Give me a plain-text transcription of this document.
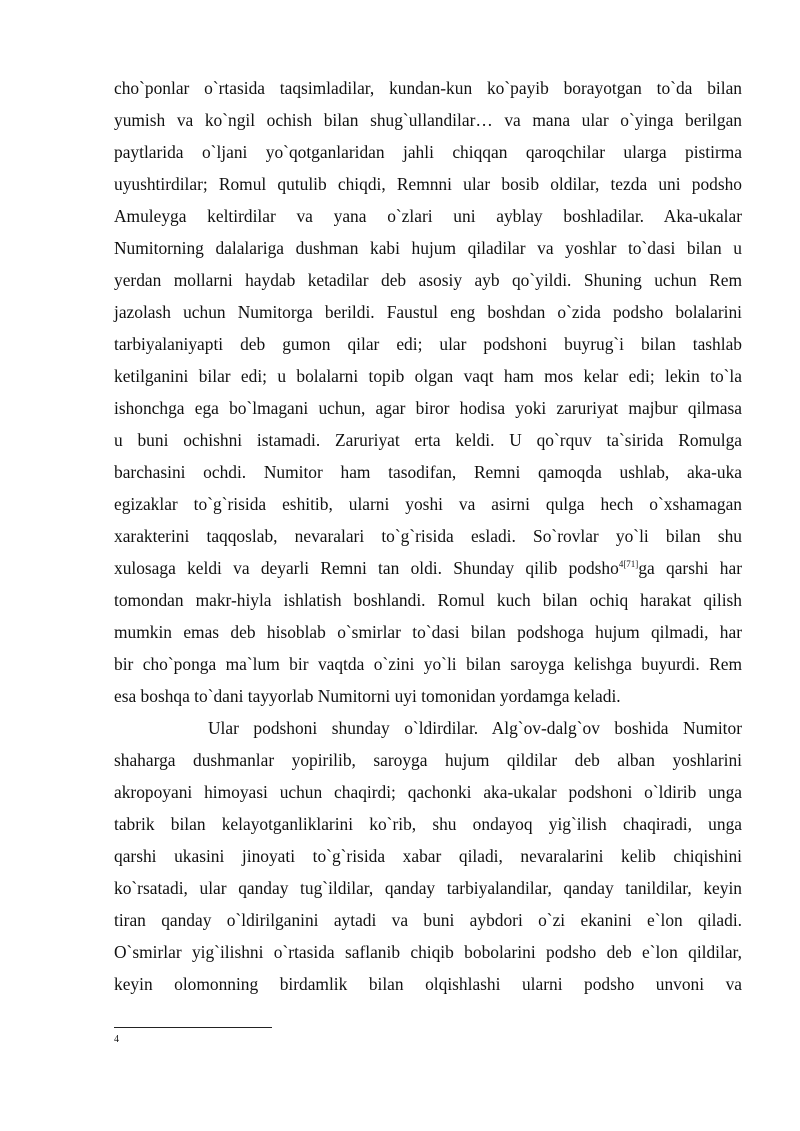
cho`ponlar o`rtasida taqsimladilar, kundan-kun ko`payib borayotgan to`da bilan
yumish va ko`ngil ochish bilan shug`ullandilar… va mana ular o`yinga berilgan
paytlarida o`ljani yo`qotganlaridan jahli chiqqan qaroqchilar ularga pistirma
uyushtirdilar; Romul qutulib chiqdi, Remnni ular bosib oldilar, tezda uni podsho
Amuleyga keltirdilar va yana o`zlari uni ayblay boshladilar. Aka-ukalar
Numitorning dalalariga dushman kabi hujum qiladilar va yoshlar to`dasi bilan u
yerdan mollarni haydab ketadilar deb asosiy ayb qo`yildi. Shuning uchun Rem
jazolash uchun Numitorga berildi. Faustul eng boshdan o`zida podsho bolalarini
tarbiyalaniyapti deb gumon qilar edi; ular podshoni buyrug`i bilan tashlab
ketilganini bilar edi; u bolalarni topib olgan vaqt ham mos kelar edi; lekin to`la
ishonchga ega bo`lmagani uchun, agar biror hodisa yoki zaruriyat majbur qilmasa
u buni ochishni istamadi. Zaruriyat erta keldi. U qo`rquv ta`sirida Romulga
barchasini ochdi. Numitor ham tasodifan, Remni qamoqda ushlab, aka-uka
egizaklar to`g`risida eshitib, ularni yoshi va asirni qulga hech o`xshamagan
xarakterini taqqoslab, nevaralari to`g`risida esladi. So`rovlar yo`li bilan shu
xulosaga keldi va deyarli Remni tan oldi. Shunday qilib podsho$^{4[71]}$ga qarshi har
tomondan makr-hiyla ishlatish boshlandi. Romul kuch bilan ochiq harakat qilish
mumkin emas deb hisoblab o`smirlar to`dasi bilan podshoga hujum qilmadi, har
bir cho`ponga ma`lum bir vaqtda o`zini yo`li bilan saroyga kelishga buyurdi. Rem
esa boshqa to`dani tayyorlab Numitorni uyi tomonidan yordamga keladi.
Ular podshoni shunday o`ldirdilar. Alg`ov-dalg`ov boshida Numitor
shaharga dushmanlar yopirilib, saroyga hujum qildilar deb alban yoshlarini
akropoyani himoyasi uchun chaqirdi; qachonki aka-ukalar podshoni o`ldirib unga
tabrik bilan kelayotganliklarini ko`rib, shu ondayoq yig`ilish chaqiradi, unga
qarshi ukasini jinoyati to`g`risida xabar qiladi, nevaralarini kelib chiqishini
ko`rsatadi, ular qanday tug`ildilar, qanday tarbiyalandilar, qanday tanildilar, keyin
tiran qanday o`ldirilganini aytadi va buni aybdori o`zi ekanini e`lon qiladi.
O`smirlar yig`ilishni o`rtasida saflanib chiqib bobolarini podsho deb e`lon qildilar,
keyin olomonning birdamlik bilan olqishlashi ularni podsho unvoni va
4
